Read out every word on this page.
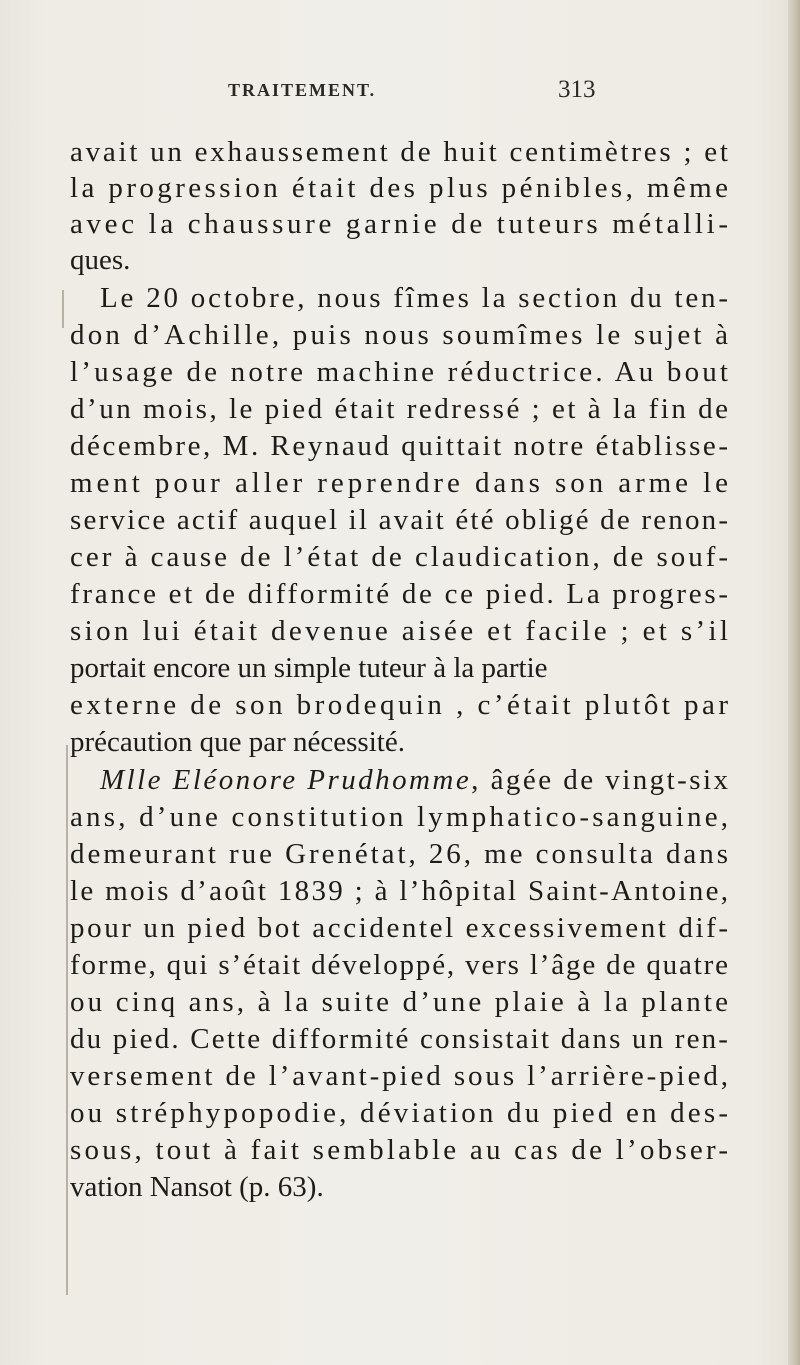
TRAITEMENT.	313

avait un exhaussement de huit centimètres ; et

la progression était des plus pénibles, même

avec la chaussure garnie de tuteurs métalli-

ques.

Le 20 octobre, nous fîmes la section du ten-

don d’Achille, puis nous soumîmes le sujet à

l’usage de notre machine réductrice. Au bout

d’un mois, le pied était redressé ; et à la fin de

décembre, M. Reynaud quittait notre établisse-

ment pour aller reprendre dans son arme le

service actif auquel il avait été obligé de renon-

cer à cause de l’état de claudication, de souf-

france et de difformité de ce pied. La progres-

sion lui était devenue aisée et facile ; et s’il

portait encore un simple tuteur à la partie

externe de son brodequin , c’était plutôt par

précaution que par nécessité.

Mlle Eléonore Prudhomme, âgée de vingt-six

ans, d’une constitution lymphatico-sanguine,

demeurant rue Grenétat, 26, me consulta dans

le mois d’août 1839 ; à l’hôpital Saint-Antoine,

pour un pied bot accidentel excessivement dif-

forme, qui s’était développé, vers l’âge de quatre

ou cinq ans, à la suite d’une plaie à la plante

du pied. Cette difformité consistait dans un ren-

versement de l’avant-pied sous l’arrière-pied,

ou stréphypopodie, déviation du pied en des-

sous, tout à fait semblable au cas de l’obser-

vation Nansot (p. 63).
